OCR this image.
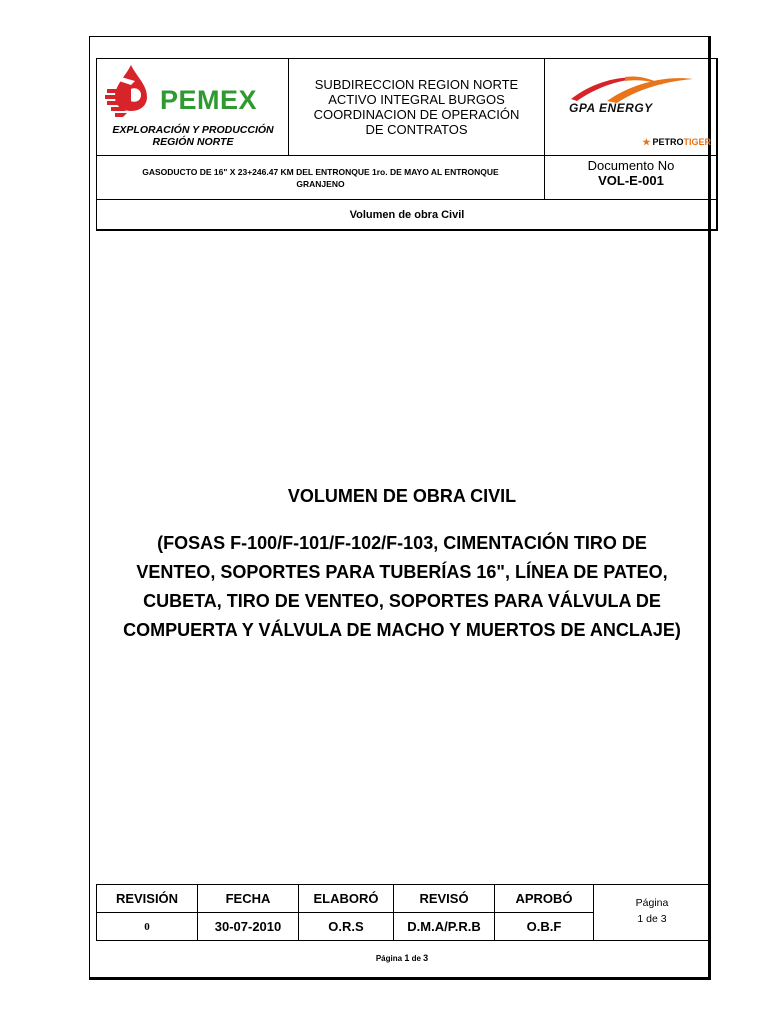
PEMEX
EXPLORACIÓN Y PRODUCCIÓN
REGIÓN NORTE
SUBDIRECCION REGION NORTE
ACTIVO INTEGRAL BURGOS
COORDINACION DE OPERACIÓN
DE CONTRATOS
GPA ENERGY
★ PETROTIGER
GASODUCTO DE 16" X 23+246.47 KM DEL ENTRONQUE 1ro. DE MAYO AL ENTRONQUE GRANJENO
Documento No
VOL-E-001
Volumen de obra Civil
VOLUMEN DE OBRA CIVIL
(FOSAS F-100/F-101/F-102/F-103, CIMENTACIÓN TIRO DE
VENTEO, SOPORTES PARA TUBERÍAS 16", LÍNEA DE PATEO,
CUBETA, TIRO DE VENTEO, SOPORTES PARA VÁLVULA DE
COMPUERTA Y VÁLVULA DE MACHO Y MUERTOS DE ANCLAJE)
REVISIÓN	FECHA	ELABORÓ	REVISÓ	APROBÓ	Página
1 de 3

0	30-07-2010	O.R.S	D.M.A/P.R.B	O.B.F	
Página 1 de 3
